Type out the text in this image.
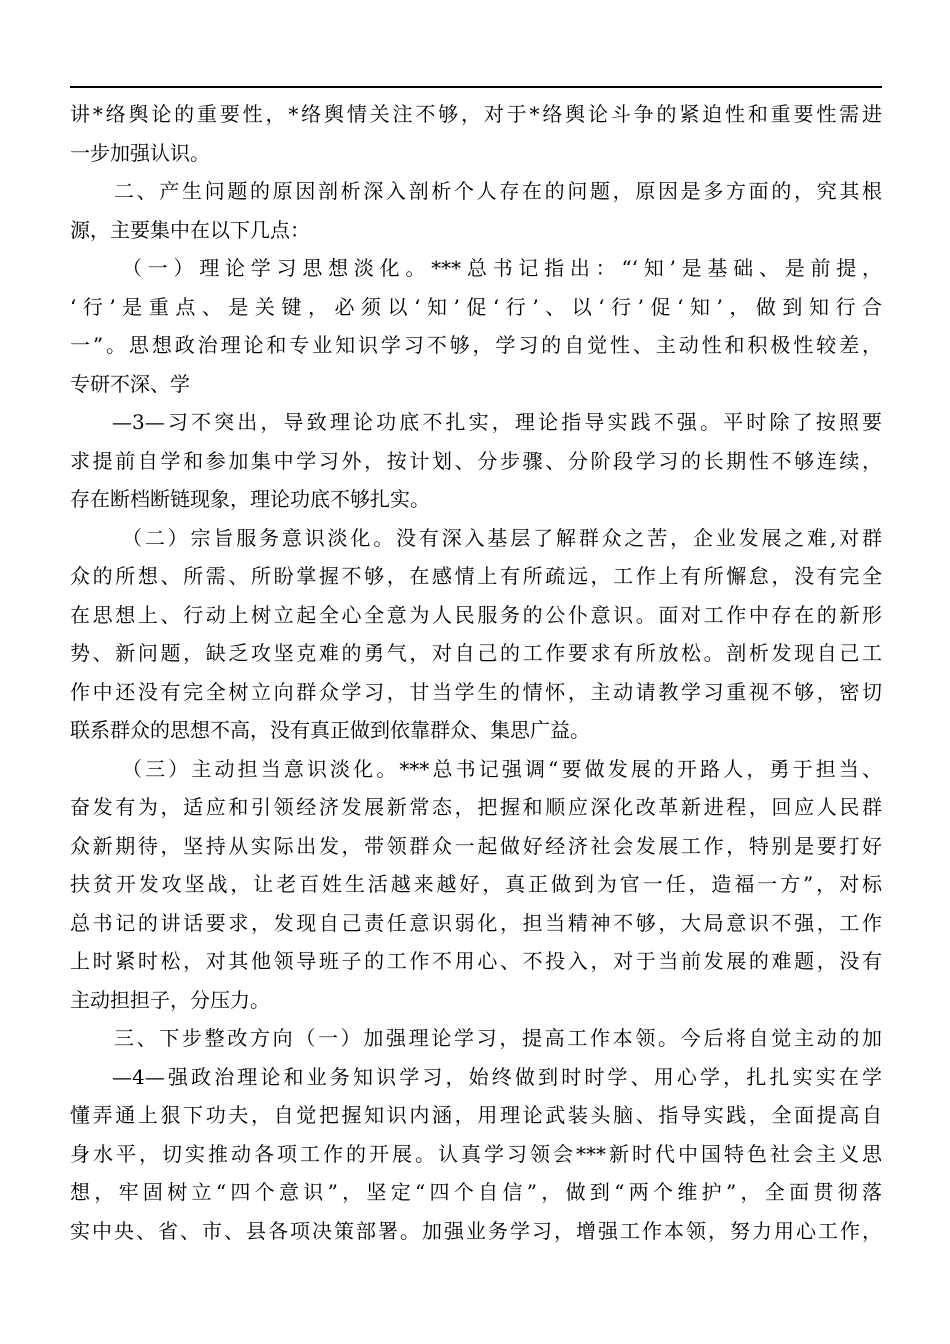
讲*络舆论的重要性，*络舆情关注不够，对于*络舆论斗争的紧迫性和重要性需进
一步加强认识。
二、产生问题的原因剖析深入剖析个人存在的问题，原因是多方面的，究其根
源，主要集中在以下几点：
（一）理论学习思想淡化。***总书记指出：“‘知’是基础、是前提，
‘行’是重点、是关键，必须以‘知’促‘行’、以‘行’促‘知’，做到知行合
一”。思想政治理论和专业知识学习不够，学习的自觉性、主动性和积极性较差，
专研不深、学
—3—习不突出，导致理论功底不扎实，理论指导实践不强。平时除了按照要
求提前自学和参加集中学习外，按计划、分步骤、分阶段学习的长期性不够连续，
存在断档断链现象，理论功底不够扎实。
（二）宗旨服务意识淡化。没有深入基层了解群众之苦，企业发展之难,对群
众的所想、所需、所盼掌握不够，在感情上有所疏远，工作上有所懈怠，没有完全
在思想上、行动上树立起全心全意为人民服务的公仆意识。面对工作中存在的新形
势、新问题，缺乏攻坚克难的勇气，对自己的工作要求有所放松。剖析发现自己工
作中还没有完全树立向群众学习，甘当学生的情怀，主动请教学习重视不够，密切
联系群众的思想不高，没有真正做到依靠群众、集思广益。
（三）主动担当意识淡化。***总书记强调“要做发展的开路人，勇于担当、
奋发有为，适应和引领经济发展新常态，把握和顺应深化改革新进程，回应人民群
众新期待，坚持从实际出发，带领群众一起做好经济社会发展工作，特别是要打好
扶贫开发攻坚战，让老百姓生活越来越好，真正做到为官一任，造福一方”，对标
总书记的讲话要求，发现自己责任意识弱化，担当精神不够，大局意识不强，工作
上时紧时松，对其他领导班子的工作不用心、不投入，对于当前发展的难题，没有
主动担担子，分压力。
三、下步整改方向（一）加强理论学习，提高工作本领。今后将自觉主动的加
—4—强政治理论和业务知识学习，始终做到时时学、用心学，扎扎实实在学
懂弄通上狠下功夫，自觉把握知识内涵，用理论武装头脑、指导实践，全面提高自
身水平，切实推动各项工作的开展。认真学习领会***新时代中国特色社会主义思
想，牢固树立“四个意识”，坚定“四个自信”，做到“两个维护”，全面贯彻落
实中央、省、市、县各项决策部署。加强业务学习，增强工作本领，努力用心工作，
